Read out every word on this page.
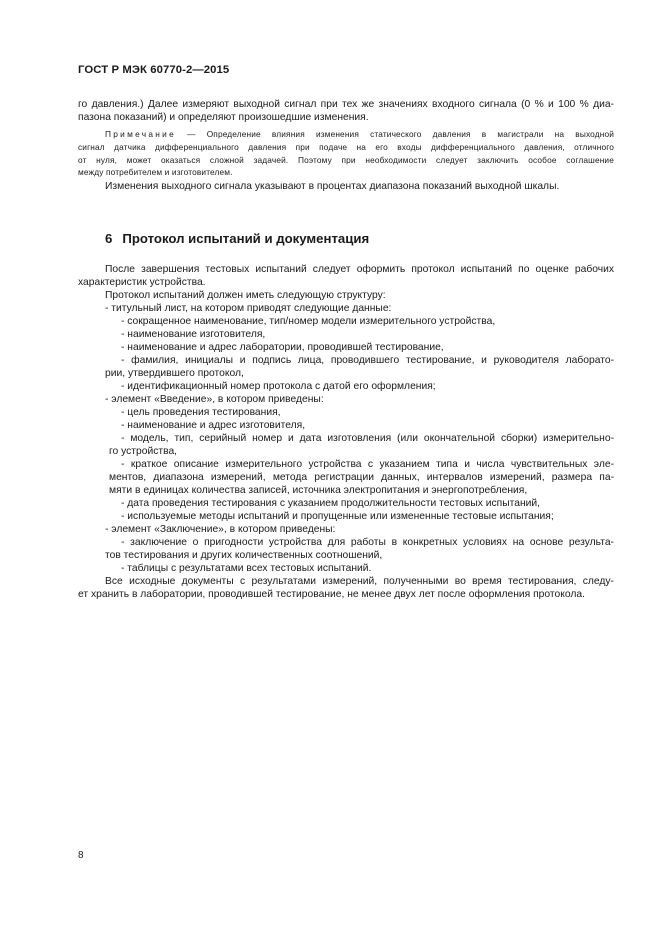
ГОСТ Р МЭК 60770-2—2015
го давления.) Далее измеряют выходной сигнал при тех же значениях входного сигнала (0 % и 100 % диа-
пазона показаний) и определяют произошедшие изменения.
Примечание — Определение влияния изменения статического давления в магистрали на выходной
сигнал датчика дифференциального давления при подаче на его входы дифференциального давления, отличного
от нуля, может оказаться сложной задачей. Поэтому при необходимости следует заключить особое соглашение
между потребителем и изготовителем.
Изменения выходного сигнала указывают в процентах диапазона показаний выходной шкалы.
6 Протокол испытаний и документация
После завершения тестовых испытаний следует оформить протокол испытаний по оценке рабочих
характеристик устройства.
Протокол испытаний должен иметь следующую структуру:
- титульный лист, на котором приводят следующие данные:
- сокращенное наименование, тип/номер модели измерительного устройства,
- наименование изготовителя,
- наименование и адрес лаборатории, проводившей тестирование,
- фамилия, инициалы и подпись лица, проводившего тестирование, и руководителя лаборато-
рии, утвердившего протокол,
- идентификационный номер протокола с датой его оформления;
- элемент «Введение», в котором приведены:
- цель проведения тестирования,
- наименование и адрес изготовителя,
- модель, тип, серийный номер и дата изготовления (или окончательной сборки) измерительно-
го устройства,
- краткое описание измерительного устройства с указанием типа и числа чувствительных эле-
ментов, диапазона измерений, метода регистрации данных, интервалов измерений, размера па-
мяти в единицах количества записей, источника электропитания и энергопотребления,
- дата проведения тестирования с указанием продолжительности тестовых испытаний,
- используемые методы испытаний и пропущенные или измененные тестовые испытания;
- элемент «Заключение», в котором приведены:
- заключение о пригодности устройства для работы в конкретных условиях на основе результа-
тов тестирования и других количественных соотношений,
- таблицы с результатами всех тестовых испытаний.
Все исходные документы с результатами измерений, полученными во время тестирования, следу-
ет хранить в лаборатории, проводившей тестирование, не менее двух лет после оформления протокола.
8
